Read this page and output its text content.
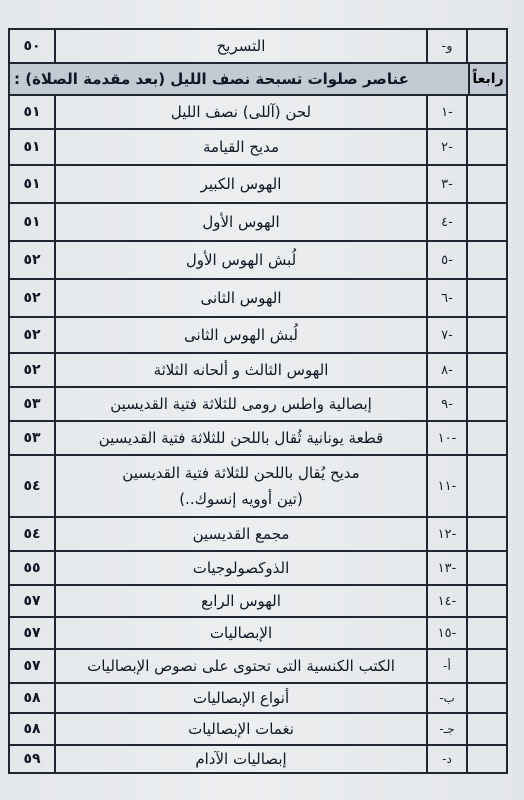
و-
التسريح
٥٠
رابعاً
عناصر صلوات تسبحة نصف الليل (بعد مقدمة الصلاة) :
-١
لحن (آللى) نصف الليل
٥١
-٢
مديح القيامة
٥١
-٣
الهوس الكبير
٥١
-٤
الهوس الأول
٥١
-٥
لُبش الهوس الأول
٥٢
-٦
الهوس الثانى
٥٢
-٧
لُبش الهوس الثانى
٥٢
-٨
الهوس الثالث و ألحانه الثلاثة
٥٢
-٩
إبصالية واطس رومى للثلاثة فتية القديسين
٥٣
-١٠
قطعة يونانية ثُقال باللحن للثلاثة فتية القديسين
٥٣
-١١
مديح يُقال باللحن للثلاثة فتية القديسين
(تين أوويه إنسوك..)
٥٤
-١٢
مجمع القديسين
٥٤
-١٣
الذوكصولوجيات
٥٥
-١٤
الهوس الرابع
٥٧
-١٥
الإبصاليات
٥٧
أ-
الكتب الكنسية التى تحتوى على نصوص الإبصاليات
٥٧
ب-
أنواع الإبصاليات
٥٨
جـ-
نغمات الإبصاليات
٥٨
د-
إبصاليات الآدام
٥٩
